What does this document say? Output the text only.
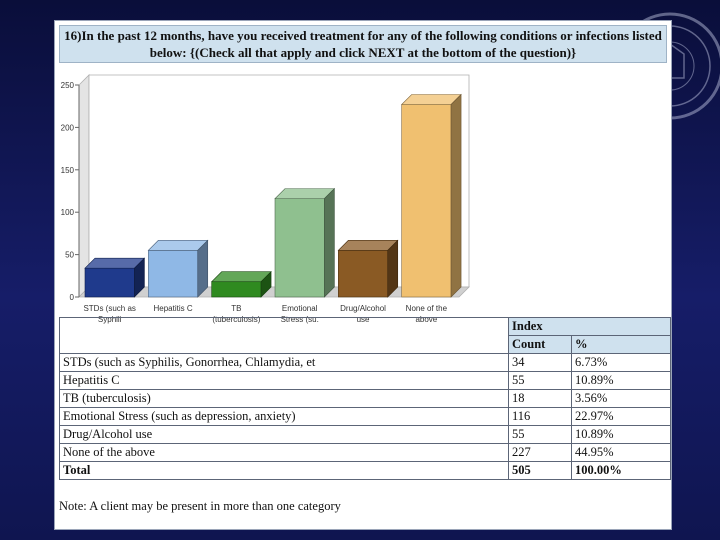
16)In the past 12 months, have you received treatment for any of the following conditions or infections listed
below: {(Check all that apply and click NEXT at the bottom of the question)}
0
50
100
150
200
250
STDs (such as Syphili
Hepatitis C	TB (tuberculosis)
Emotional Stress (su.
Drug/Alcohol use
None of the above
		Index	
	Count	%
STDs (such as Syphilis, Gonorrhea, Chlamydia, et	34	6.73%
Hepatitis C	55	10.89%
TB (tuberculosis)	18	3.56%
Emotional Stress (such as depression, anxiety)	116	22.97%
Drug/Alcohol use	55	10.89%
None of the above	227	44.95%
Total	505	100.00%
Note: A client may be present in more than one category
